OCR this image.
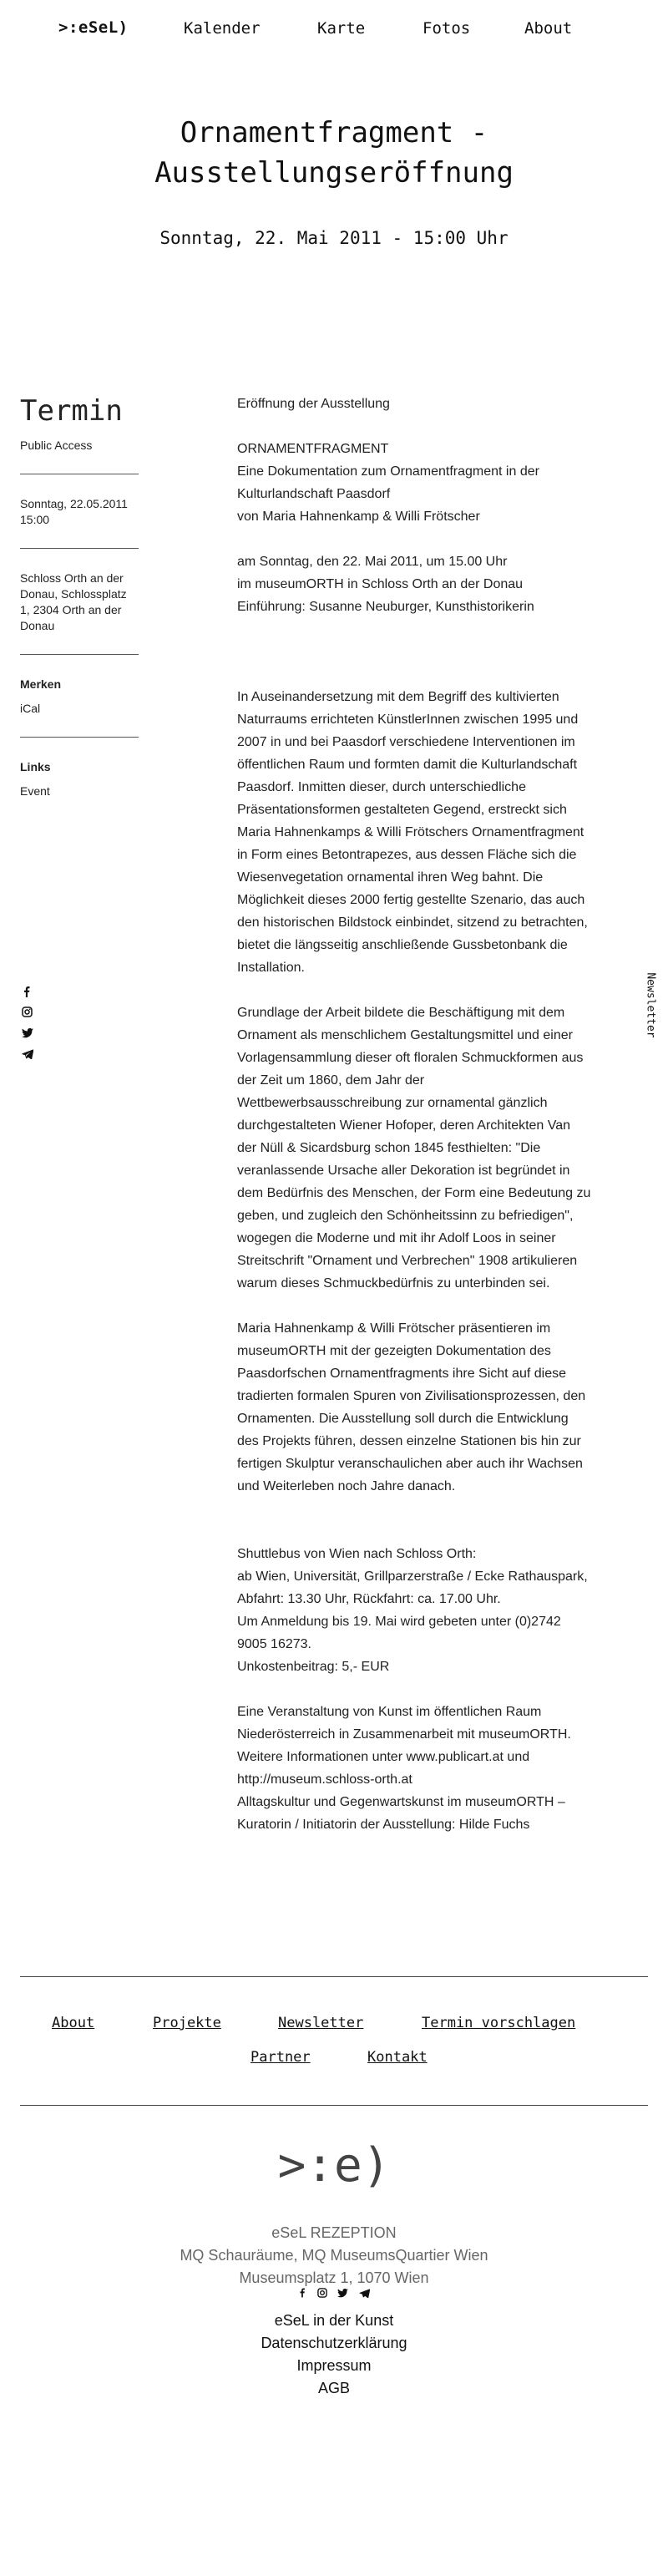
>:eSeL)	Kalender	Karte	Fotos	About
Ornamentfragment -
Ausstellungseröffnung
Sonntag, 22. Mai 2011 - 15:00 Uhr
Termin
Public Access
Sonntag, 22.05.2011 15:00
Schloss Orth an der Donau, Schlossplatz 1, 2304 Orth an der Donau
Merken
iCal
Links
Event
Newsletter

Eröffnung der Ausstellung

ORNAMENTFRAGMENT
Eine Dokumentation zum Ornamentfragment in der
Kulturlandschaft Paasdorf
von Maria Hahnenkamp & Willi Frötscher

am Sonntag, den 22. Mai 2011, um 15.00 Uhr
im museumORTH in Schloss Orth an der Donau
Einführung: Susanne Neuburger, Kunsthistorikerin

In Auseinandersetzung mit dem Begriff des kultivierten
Naturraums errichteten KünstlerInnen zwischen 1995 und
2007 in und bei Paasdorf verschiedene Interventionen im
öffentlichen Raum und formten damit die Kulturlandschaft
Paasdorf. Inmitten dieser, durch unterschiedliche
Präsentationsformen gestalteten Gegend, erstreckt sich
Maria Hahnenkamps & Willi Frötschers Ornamentfragment
in Form eines Betontrapezes, aus dessen Fläche sich die
Wiesenvegetation ornamental ihren Weg bahnt. Die
Möglichkeit dieses 2000 fertig gestellte Szenario, das auch
den historischen Bildstock einbindet, sitzend zu betrachten,
bietet die längsseitig anschließende Gussbetonbank die
Installation.

Grundlage der Arbeit bildete die Beschäftigung mit dem
Ornament als menschlichem Gestaltungsmittel und einer
Vorlagensammlung dieser oft floralen Schmuckformen aus
der Zeit um 1860, dem Jahr der
Wettbewerbsausschreibung zur ornamental gänzlich
durchgestalteten Wiener Hofoper, deren Architekten Van
der Nüll & Sicardsburg schon 1845 festhielten: "Die
veranlassende Ursache aller Dekoration ist begründet in
dem Bedürfnis des Menschen, der Form eine Bedeutung zu
geben, und zugleich den Schönheitssinn zu befriedigen",
wogegen die Moderne und mit ihr Adolf Loos in seiner
Streitschrift "Ornament und Verbrechen" 1908 artikulieren
warum dieses Schmuckbedürfnis zu unterbinden sei.

Maria Hahnenkamp & Willi Frötscher präsentieren im
museumORTH mit der gezeigten Dokumentation des
Paasdorfschen Ornamentfragments ihre Sicht auf diese
tradierten formalen Spuren von Zivilisationsprozessen, den
Ornamenten. Die Ausstellung soll durch die Entwicklung
des Projekts führen, dessen einzelne Stationen bis hin zur
fertigen Skulptur veranschaulichen aber auch ihr Wachsen
und Weiterleben noch Jahre danach.

Shuttlebus von Wien nach Schloss Orth:
ab Wien, Universität, Grillparzerstraße / Ecke Rathauspark,
Abfahrt: 13.30 Uhr, Rückfahrt: ca. 17.00 Uhr.
Um Anmeldung bis 19. Mai wird gebeten unter (0)2742
9005 16273.
Unkostenbeitrag: 5,- EUR

Eine Veranstaltung von Kunst im öffentlichen Raum
Niederösterreich in Zusammenarbeit mit museumORTH.
Weitere Informationen unter www.publicart.at und
http://museum.schloss-orth.at
Alltagskultur und Gegenwartskunst im museumORTH –
Kuratorin / Initiatorin der Ausstellung: Hilde Fuchs

About	Projekte	Newsletter	Termin vorschlagen
Partner	Kontakt
>:e)
eSeL REZEPTION
MQ Schauräume, MQ MuseumsQuartier Wien
Museumsplatz 1, 1070 Wien

eSeL in der Kunst
Datenschutzerklärung
Impressum
AGB
